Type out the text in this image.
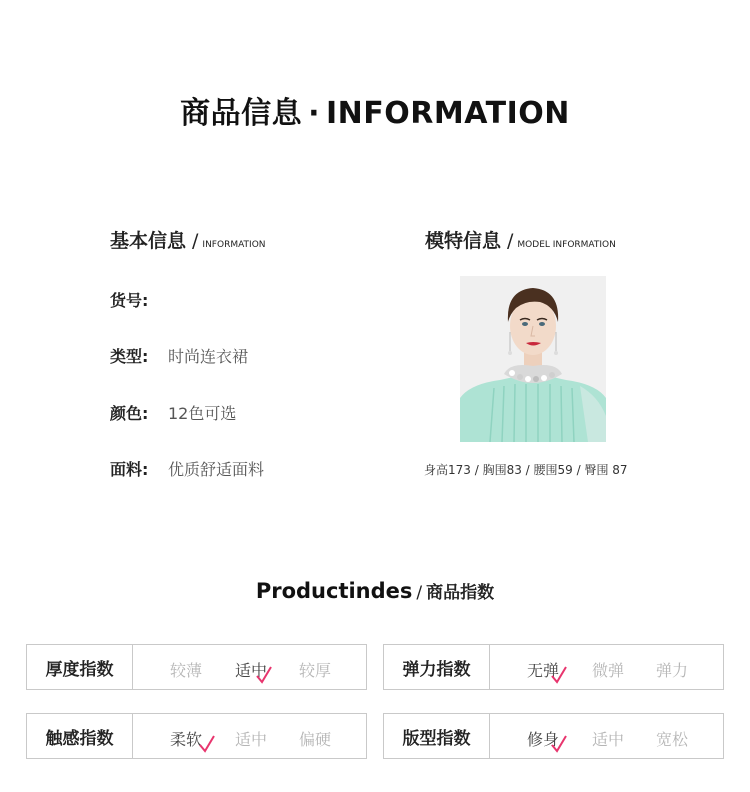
商品信息 · INFORMATION
基本信息 / INFORMATION
货号:
类型: 时尚连衣裙
颜色: 12色可选
面料: 优质舒适面料
模特信息 / MODEL INFORMATION
身高173 / 胸围83 / 腰围59 / 臀围 87
Productindes / 商品指数
厚度指数	较薄 适中 较厚	弹力指数	无弹 微弹 弹力
触感指数	柔软 适中 偏硬	版型指数	修身 适中 宽松
